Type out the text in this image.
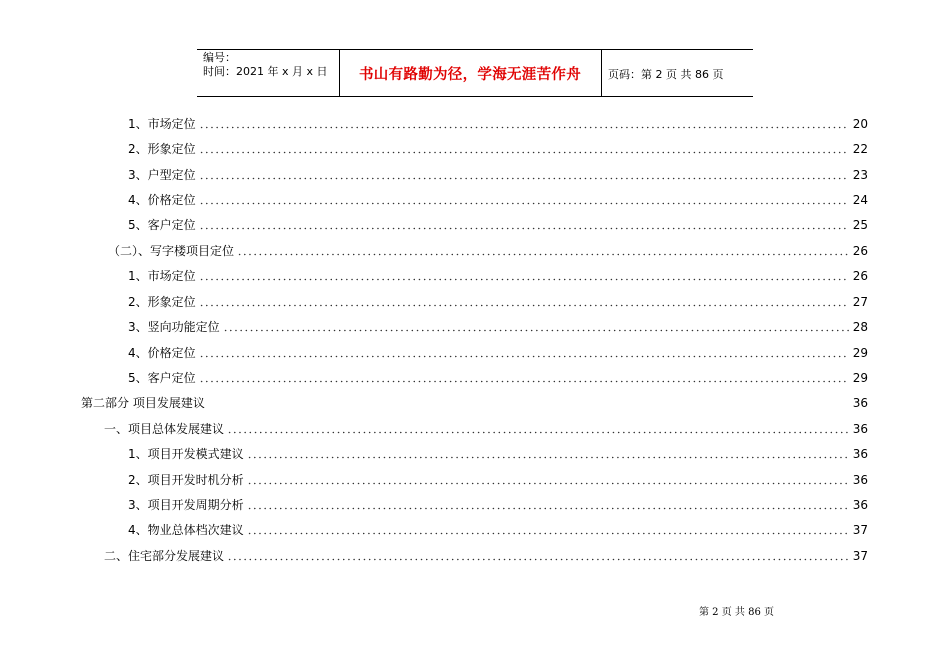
编号：
时间：2021 年 x 月 x 日	书山有路勤为径，学海无涯苦作舟	页码：第 2 页 共 86 页
1、市场定位	20
2、形象定位	22
3、户型定位	23
4、价格定位	24
5、客户定位	25
（二）、写字楼项目定位	26
1、市场定位	26
2、形象定位	27
3、竖向功能定位	28
4、价格定位	29
5、客户定位	29
第二部分 项目发展建议	36
一、项目总体发展建议	36
1、项目开发模式建议	36
2、项目开发时机分析	36
3、项目开发周期分析	36
4、物业总体档次建议	37
二、住宅部分发展建议	37
第 2 页 共 86 页
